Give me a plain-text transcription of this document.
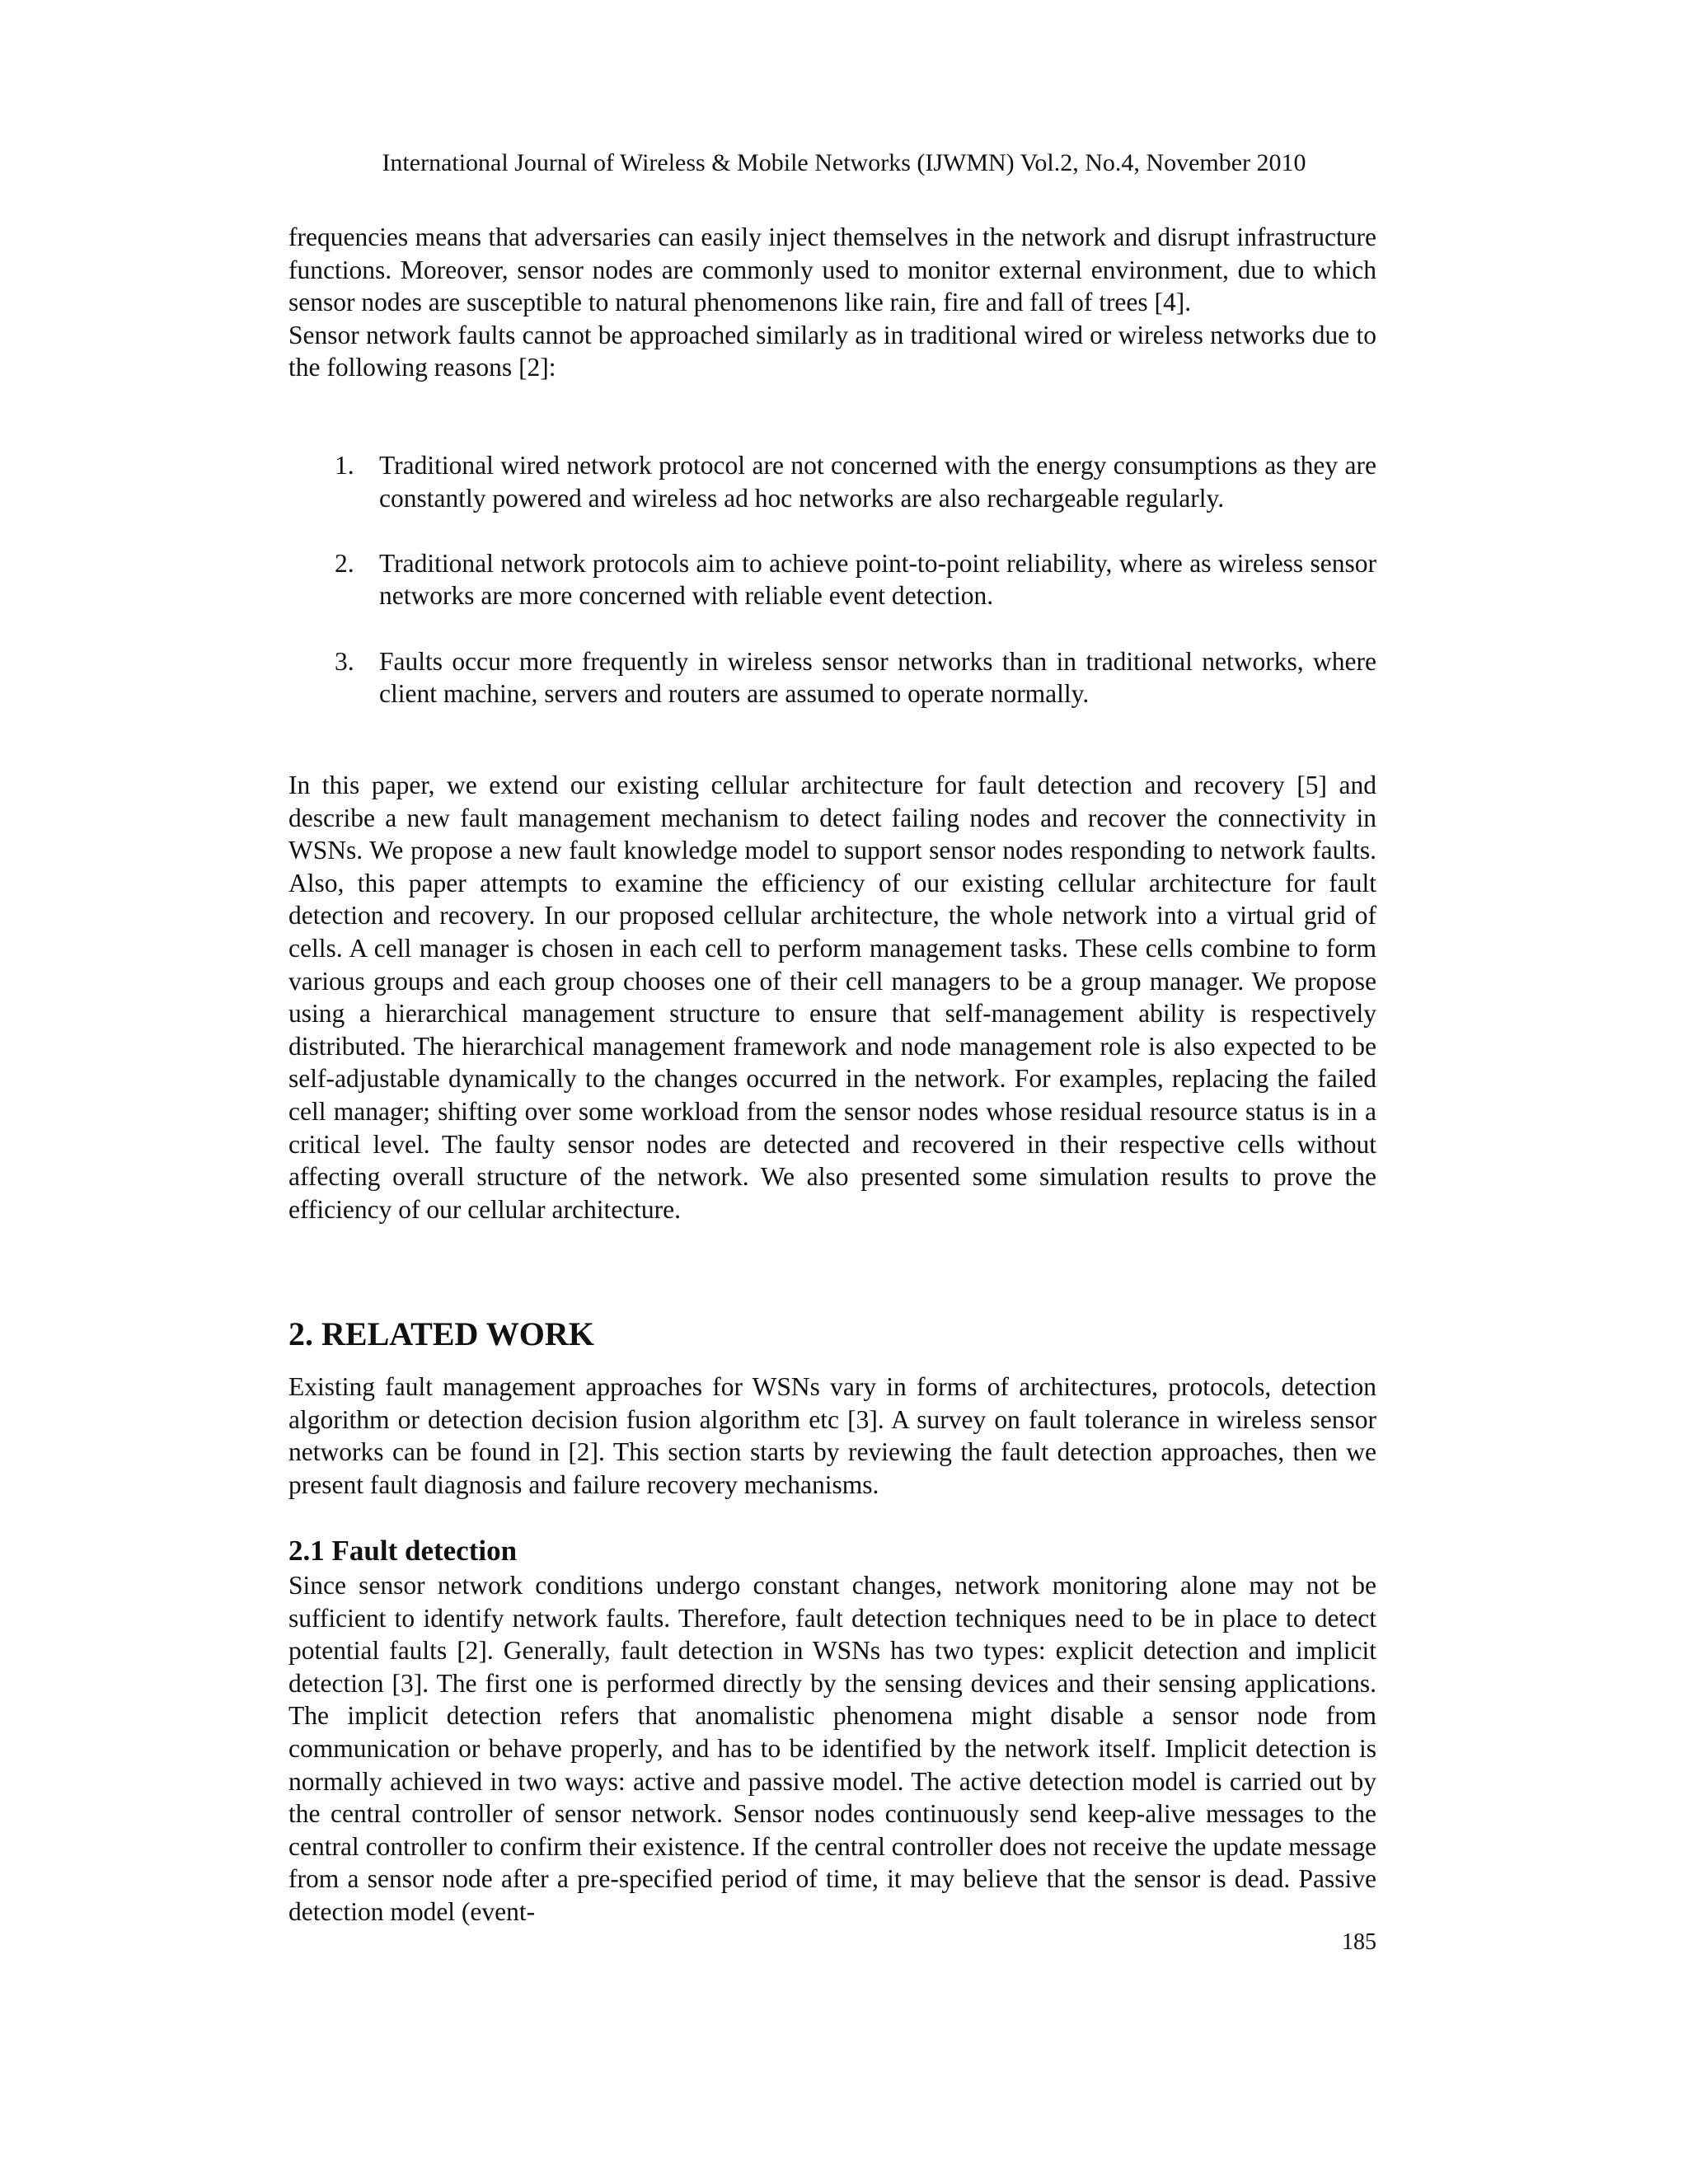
International Journal of Wireless & Mobile Networks (IJWMN) Vol.2, No.4, November 2010

frequencies means that adversaries can easily inject themselves in the network and disrupt infrastructure functions. Moreover, sensor nodes are commonly used to monitor external environment, due to which sensor nodes are susceptible to natural phenomenons like rain, fire and fall of trees [4].

Sensor network faults cannot be approached similarly as in traditional wired or wireless networks due to the following reasons [2]:

1. Traditional wired network protocol are not concerned with the energy consumptions as they are constantly powered and wireless ad hoc networks are also rechargeable regularly.
2. Traditional network protocols aim to achieve point-to-point reliability, where as wireless sensor networks are more concerned with reliable event detection.
3. Faults occur more frequently in wireless sensor networks than in traditional networks, where client machine, servers and routers are assumed to operate normally.

In this paper, we extend our existing cellular architecture for fault detection and recovery [5] and describe a new fault management mechanism to detect failing nodes and recover the connectivity in WSNs. We propose a new fault knowledge model to support sensor nodes responding to network faults. Also, this paper attempts to examine the efficiency of our existing cellular architecture for fault detection and recovery. In our proposed cellular architecture, the whole network into a virtual grid of cells. A cell manager is chosen in each cell to perform management tasks. These cells combine to form various groups and each group chooses one of their cell managers to be a group manager. We propose using a hierarchical management structure to ensure that self-management ability is respectively distributed. The hierarchical management framework and node management role is also expected to be self-adjustable dynamically to the changes occurred in the network. For examples, replacing the failed cell manager; shifting over some workload from the sensor nodes whose residual resource status is in a critical level. The faulty sensor nodes are detected and recovered in their respective cells without affecting overall structure of the network. We also presented some simulation results to prove the efficiency of our cellular architecture.

2. RELATED WORK

Existing fault management approaches for WSNs vary in forms of architectures, protocols, detection algorithm or detection decision fusion algorithm etc [3]. A survey on fault tolerance in wireless sensor networks can be found in [2]. This section starts by reviewing the fault detection approaches, then we present fault diagnosis and failure recovery mechanisms.

2.1 Fault detection

Since sensor network conditions undergo constant changes, network monitoring alone may not be sufficient to identify network faults. Therefore, fault detection techniques need to be in place to detect potential faults [2]. Generally, fault detection in WSNs has two types: explicit detection and implicit detection [3]. The first one is performed directly by the sensing devices and their sensing applications. The implicit detection refers that anomalistic phenomena might disable a sensor node from communication or behave properly, and has to be identified by the network itself. Implicit detection is normally achieved in two ways: active and passive model. The active detection model is carried out by the central controller of sensor network. Sensor nodes continuously send keep-alive messages to the central controller to confirm their existence. If the central controller does not receive the update message from a sensor node after a pre-specified period of time, it may believe that the sensor is dead. Passive detection model (event-

185
